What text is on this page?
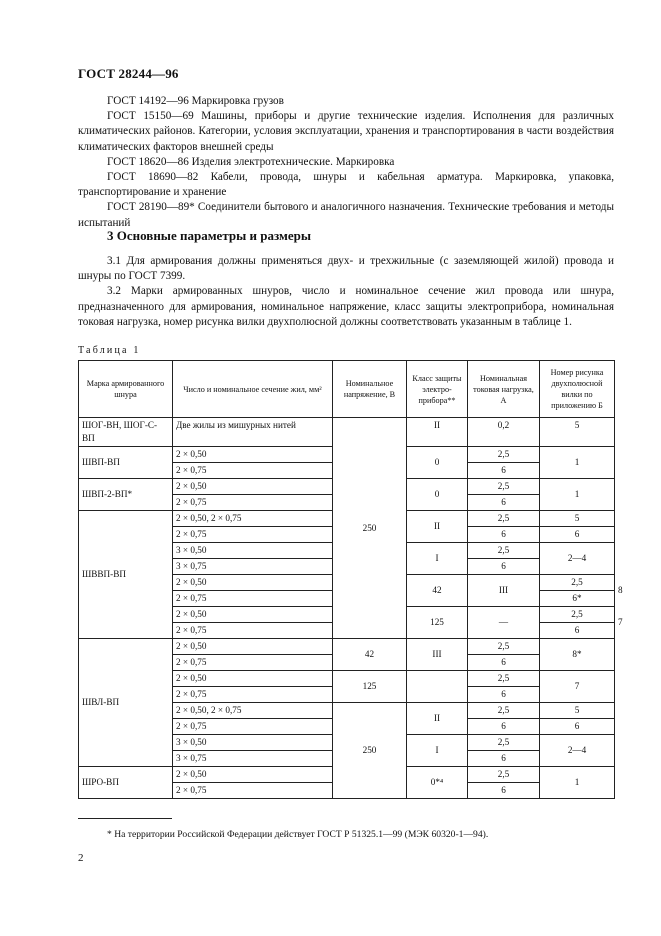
ГОСТ 28244—96

ГОСТ 14192—96 Маркировка грузов

ГОСТ 15150—69 Машины, приборы и другие технические изделия. Исполнения для различных климатических районов. Категории, условия эксплуатации, хранения и транспортирования в части воздействия климатических факторов внешней среды

ГОСТ 18620—86 Изделия электротехнические. Маркировка

ГОСТ 18690—82 Кабели, провода, шнуры и кабельная арматура. Маркировка, упаковка, транспортирование и хранение

ГОСТ 28190—89* Соединители бытового и аналогичного назначения. Технические требования и методы испытаний

3 Основные параметры и размеры

3.1 Для армирования должны применяться двух- и трехжильные (с заземляющей жилой) провода и шнуры по ГОСТ 7399.

3.2 Марки армированных шнуров, число и номинальное сечение жил провода или шнура, предназначенного для армирования, номинальное напряжение, класс защиты электроприбора, номинальная токовая нагрузка, номер рисунка вилки двухполюсной должны соответствовать указанным в таблице 1.

Таблица 1
Марка армированного шнура	Число и номинальное сечение жил, мм²	Номинальное напряжение, В	Класс защиты электро-прибора**	Номинальная токовая нагрузка, А	Номер рисунка двухполюсной вилки по приложению Б	
ШОГ-ВН, ШОГ-С-ВП	Две жилы из мишурных нитей	250	II	0,2	5	
ШВП-ВП	2 × 0,50		0	2,5	1	
	2 × 0,75			6		
ШВП-2-ВП*	2 × 0,50		0	2,5	1	
	2 × 0,75			6		
ШВВП-ВП	2 × 0,50, 2 × 0,75		II	2,5	5	
	2 × 0,75			6	6	
	3 × 0,50		I	2,5	2—4	
	3 × 0,75			6		
	2 × 0,50		42	III	2,5	8
	2 × 0,75				6*	
	2 × 0,50		125	—	2,5	7
	2 × 0,75				6	
ШВЛ-ВП	2 × 0,50	42	III	2,5	8*	
	2 × 0,75			6		
	2 × 0,50	125		2,5	7	
	2 × 0,75			6		
	2 × 0,50, 2 × 0,75	250	II	2,5	5	
	2 × 0,75			6	6	
	3 × 0,50		I	2,5	2—4	
	3 × 0,75			6		
ШРО-ВП	2 × 0,50		0*⁴	2,5	1	
	2 × 0,75			6		
* На территории Российской Федерации действует ГОСТ Р 51325.1—99 (МЭК 60320-1—94).
2
